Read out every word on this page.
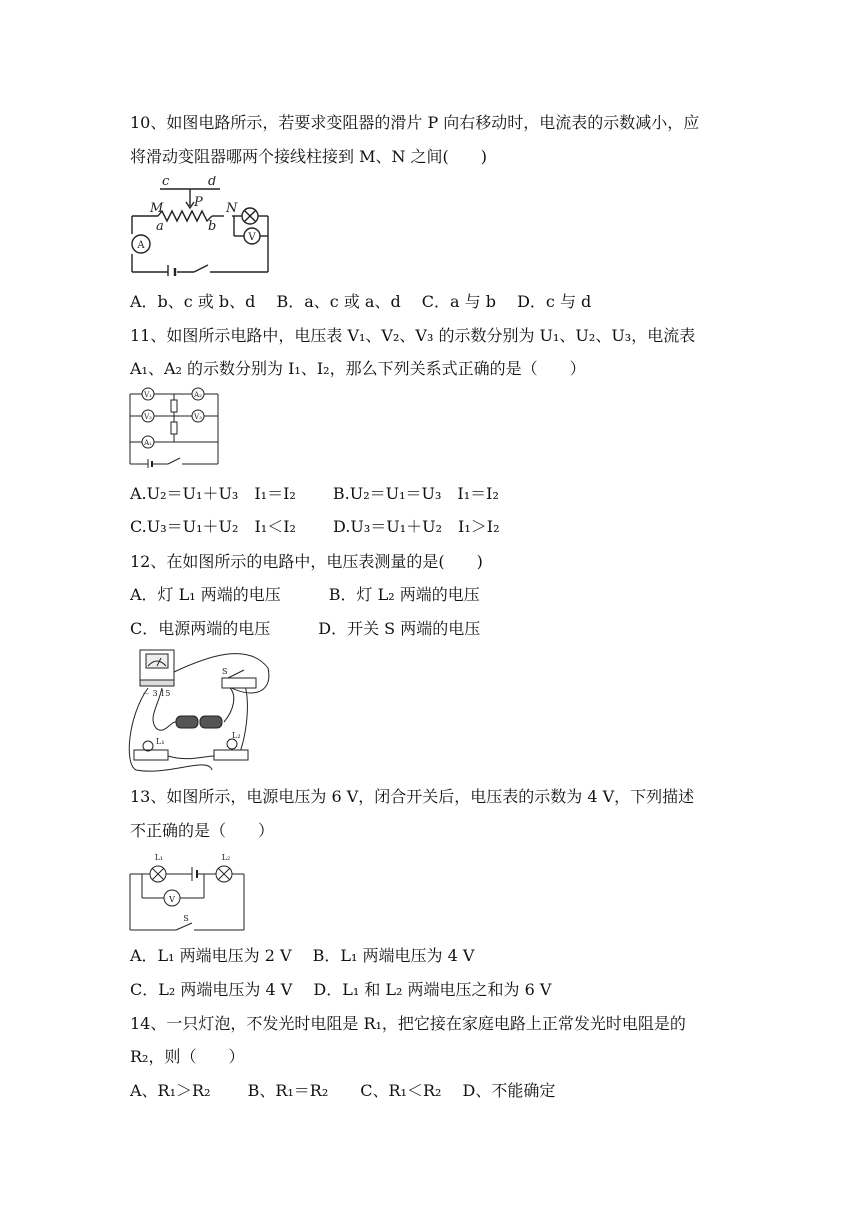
10、如图电路所示，若要求变阻器的滑片 P 向右移动时，电流表的示数减小，应
将滑动变阻器哪两个接线柱接到 M、N 之间(　　)
c	d
M P N
a	b
A
V
A．b、c 或 b、d　 B．a、c 或 a、d　 C．a 与 b　 D．c 与 d
11、如图所示电路中，电压表 V₁、V₂、V₃ 的示数分别为 U₁、U₂、U₃，电流表
A₁、A₂ 的示数分别为 I₁、I₂，那么下列关系式正确的是（　　）
V₁	A₂
V₂	V₃
A₁
A.U₂＝U₁＋U₃　I₁＝I₂　　 B.U₂＝U₁＝U₃　I₁＝I₂
C.U₃＝U₁＋U₂　I₁＜I₂　　 D.U₃＝U₁＋U₂　I₁＞I₂
12、在如图所示的电路中，电压表测量的是(　　)
A．灯 L₁ 两端的电压　　　B．灯 L₂ 两端的电压
C．电源两端的电压　　　D．开关 S 两端的电压
－ 3 15
S
L₁
L₂
13、如图所示，电源电压为 6 V，闭合开关后，电压表的示数为 4 V，下列描述
不正确的是（　　）
L₁	L₂
V
S
A．L₁ 两端电压为 2 V　 B．L₁ 两端电压为 4 V
C．L₂ 两端电压为 4 V　 D．L₁ 和 L₂ 两端电压之和为 6 V
14、一只灯泡，不发光时电阻是 R₁，把它接在家庭电路上正常发光时电阻是的
R₂，则（　　）
A、R₁＞R₂　　 B、R₁＝R₂　　C、R₁＜R₂　 D、不能确定
